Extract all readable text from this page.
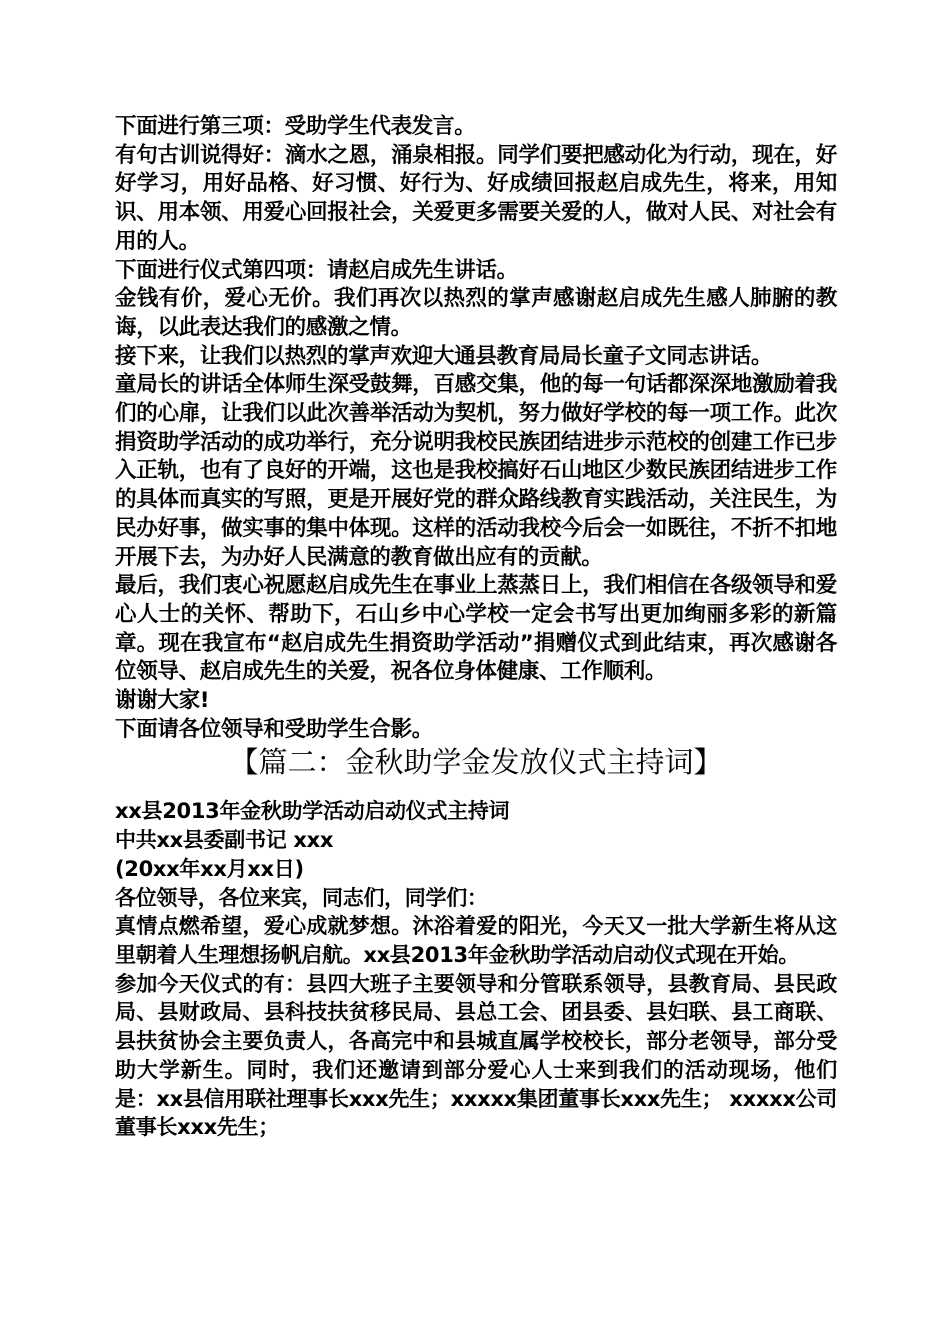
下面进行第三项：受助学生代表发言。

有句古训说得好：滴水之恩，涌泉相报。同学们要把感动化为行动，现在，好好学习，用好品格、好习惯、好行为、好成绩回报赵启成先生，将来，用知识、用本领、用爱心回报社会，关爱更多需要关爱的人，做对人民、对社会有用的人。

下面进行仪式第四项：请赵启成先生讲话。

金钱有价，爱心无价。我们再次以热烈的掌声感谢赵启成先生感人肺腑的教诲，以此表达我们的感激之情。

接下来，让我们以热烈的掌声欢迎大通县教育局局长童子文同志讲话。

童局长的讲话全体师生深受鼓舞，百感交集，他的每一句话都深深地激励着我们的心扉，让我们以此次善举活动为契机，努力做好学校的每一项工作。此次捐资助学活动的成功举行，充分说明我校民族团结进步示范校的创建工作已步入正轨，也有了良好的开端，这也是我校搞好石山地区少数民族团结进步工作的具体而真实的写照，更是开展好党的群众路线教育实践活动，关注民生，为民办好事，做实事的集中体现。这样的活动我校今后会一如既往，不折不扣地开展下去，为办好人民满意的教育做出应有的贡献。

最后，我们衷心祝愿赵启成先生在事业上蒸蒸日上，我们相信在各级领导和爱心人士的关怀、帮助下，石山乡中心学校一定会书写出更加绚丽多彩的新篇章。现在我宣布“赵启成先生捐资助学活动”捐赠仪式到此结束，再次感谢各位领导、赵启成先生的关爱，祝各位身体健康、工作顺利。

谢谢大家!

下面请各位领导和受助学生合影。

【篇二：金秋助学金发放仪式主持词】

xx县2013年金秋助学活动启动仪式主持词

中共xx县委副书记 xxx

(20xx年xx月xx日)

各位领导，各位来宾，同志们，同学们：

真情点燃希望，爱心成就梦想。沐浴着爱的阳光，今天又一批大学新生将从这里朝着人生理想扬帆启航。xx县2013年金秋助学活动启动仪式现在开始。

参加今天仪式的有：县四大班子主要领导和分管联系领导，县教育局、县民政局、县财政局、县科技扶贫移民局、县总工会、团县委、县妇联、县工商联、县扶贫协会主要负责人，各高完中和县城直属学校校长，部分老领导，部分受助大学新生。同时，我们还邀请到部分爱心人士来到我们的活动现场，他们是：xx县信用联社理事长xxx先生；xxxxx集团董事长xxx先生； xxxxx公司董事长xxx先生；
